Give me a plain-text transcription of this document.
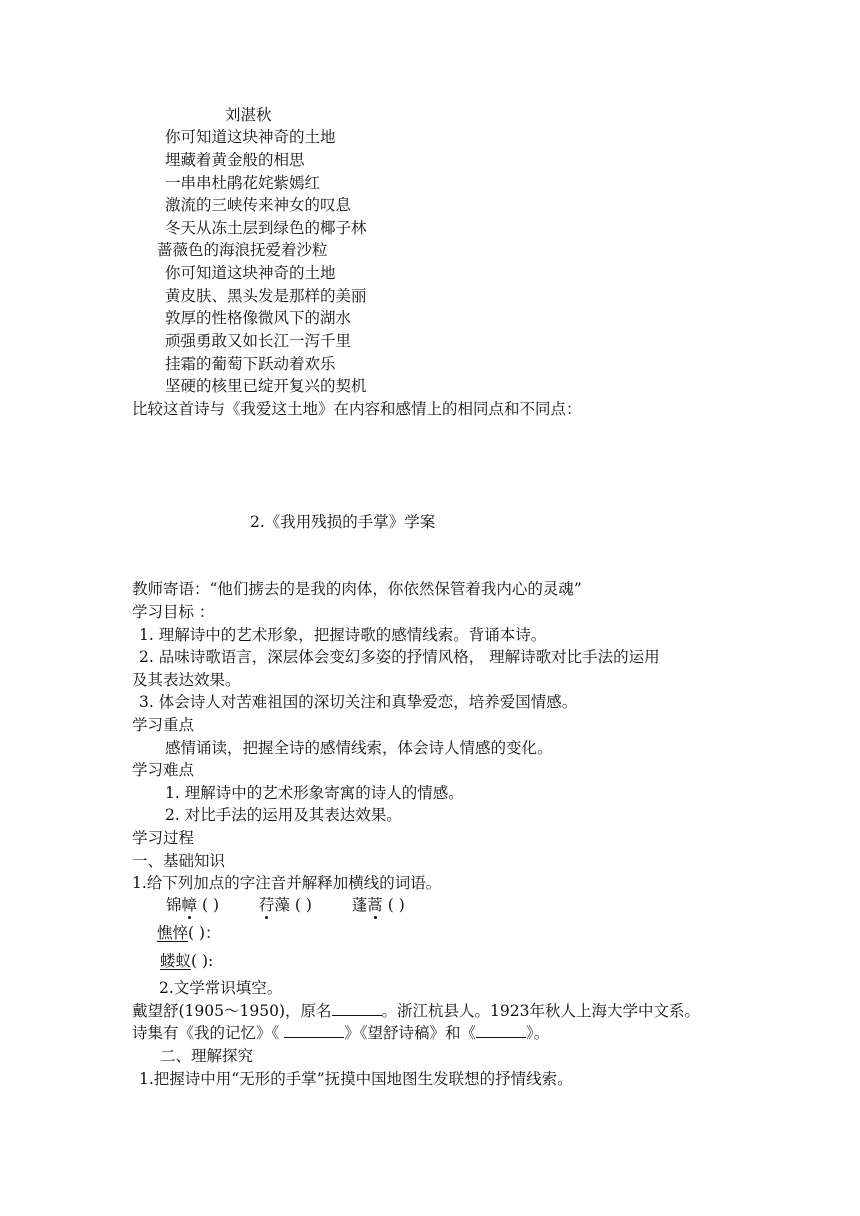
刘湛秋
你可知道这块神奇的土地
埋藏着黄金般的相思
一串串杜鹃花姹紫嫣红
激流的三峡传来神女的叹息
冬天从冻土层到绿色的椰子林
蔷薇色的海浪抚爱着沙粒
你可知道这块神奇的土地
黄皮肤、黑头发是那样的美丽
敦厚的性格像微风下的湖水
顽强勇敢又如长江一泻千里
挂霜的葡萄下跃动着欢乐
坚硬的核里已绽开复兴的契机
比较这首诗与《我爱这土地》在内容和感情上的相同点和不同点：
2.《我用残损的手掌》学案
教师寄语：“他们掳去的是我的肉体，你依然保管着我内心的灵魂”
学习目标 ：
1. 理解诗中的艺术形象，把握诗歌的感情线索。背诵本诗。
2. 品味诗歌语言，深层体会变幻多姿的抒情风格， 理解诗歌对比手法的运用
及其表达效果。
3. 体会诗人对苦难祖国的深切关注和真挚爱恋，培养爱国情感。
学习重点
感情诵读，把握全诗的感情线索，体会诗人情感的变化。
学习难点
1. 理解诗中的艺术形象寄寓的诗人的情感。
2. 对比手法的运用及其表达效果。
学习过程
一、基础知识
1.给下列加点的字注音并解释加横线的词语。
锦幛 ( )	荇藻 ( )	蓬蒿 ( )
憔悴( )：
蝼蚁( ):
2.文学常识填空。
戴望舒(1905～1950)，原名	。浙江杭县人。1923年秋人上海大学中文系。
诗集有《我的记忆》《	》《望舒诗稿》和《	》。
二、理解探究
1.把握诗中用“无形的手掌”抚摸中国地图生发联想的抒情线索。
